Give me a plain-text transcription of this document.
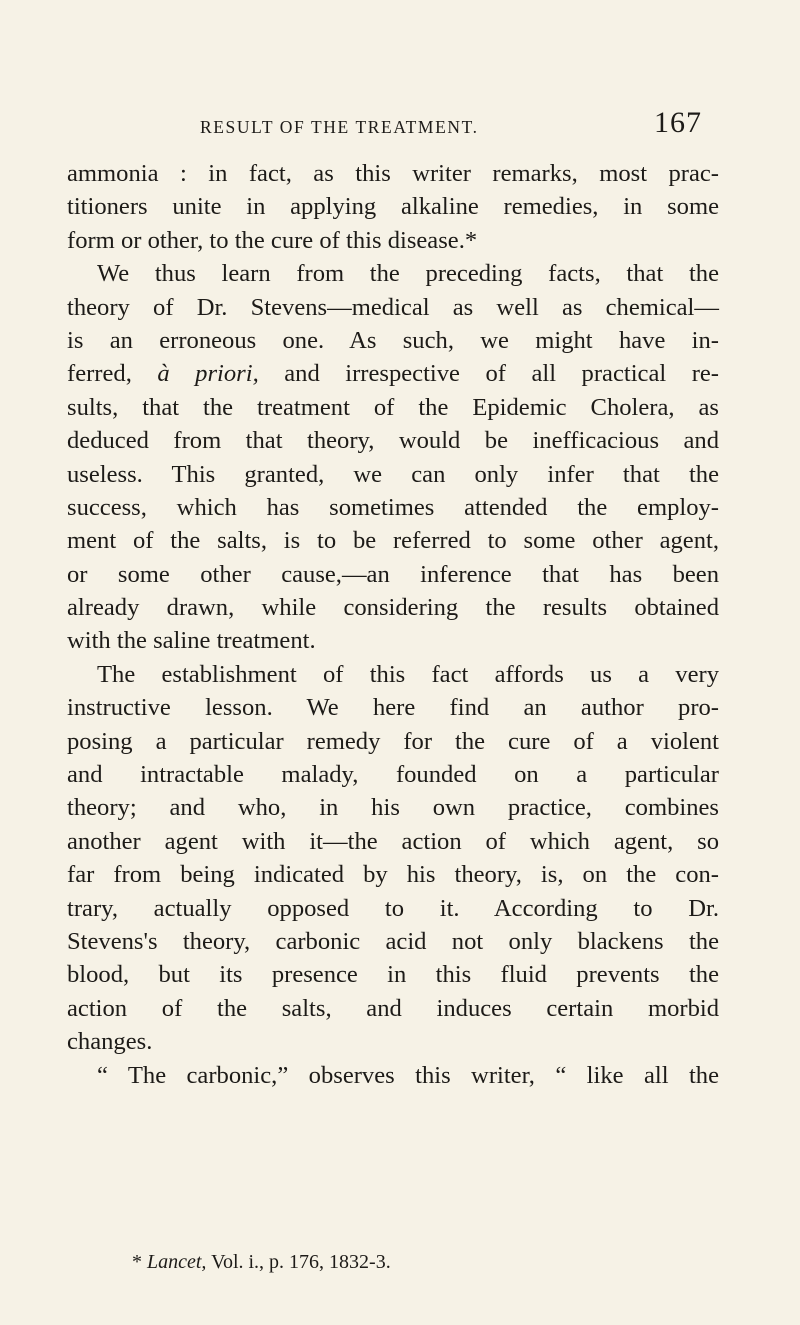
RESULT OF THE TREATMENT.	167
ammonia : in fact, as this writer remarks, most prac-
titioners unite in applying alkaline remedies, in some
form or other, to the cure of this disease.*
We thus learn from the preceding facts, that the
theory of Dr. Stevens—medical as well as chemical—
is an erroneous one. As such, we might have in-
ferred, à priori, and irrespective of all practical re-
sults, that the treatment of the Epidemic Cholera, as
deduced from that theory, would be inefficacious and
useless. This granted, we can only infer that the
success, which has sometimes attended the employ-
ment of the salts, is to be referred to some other agent,
or some other cause,—an inference that has been
already drawn, while considering the results obtained
with the saline treatment.
The establishment of this fact affords us a very
instructive lesson. We here find an author pro-
posing a particular remedy for the cure of a violent
and intractable malady, founded on a particular
theory; and who, in his own practice, combines
another agent with it—the action of which agent, so
far from being indicated by his theory, is, on the con-
trary, actually opposed to it. According to Dr.
Stevens's theory, carbonic acid not only blackens the
blood, but its presence in this fluid prevents the
action of the salts, and induces certain morbid
changes.
“ The carbonic,” observes this writer, “ like all the
* Lancet, Vol. i., p. 176, 1832-3.
